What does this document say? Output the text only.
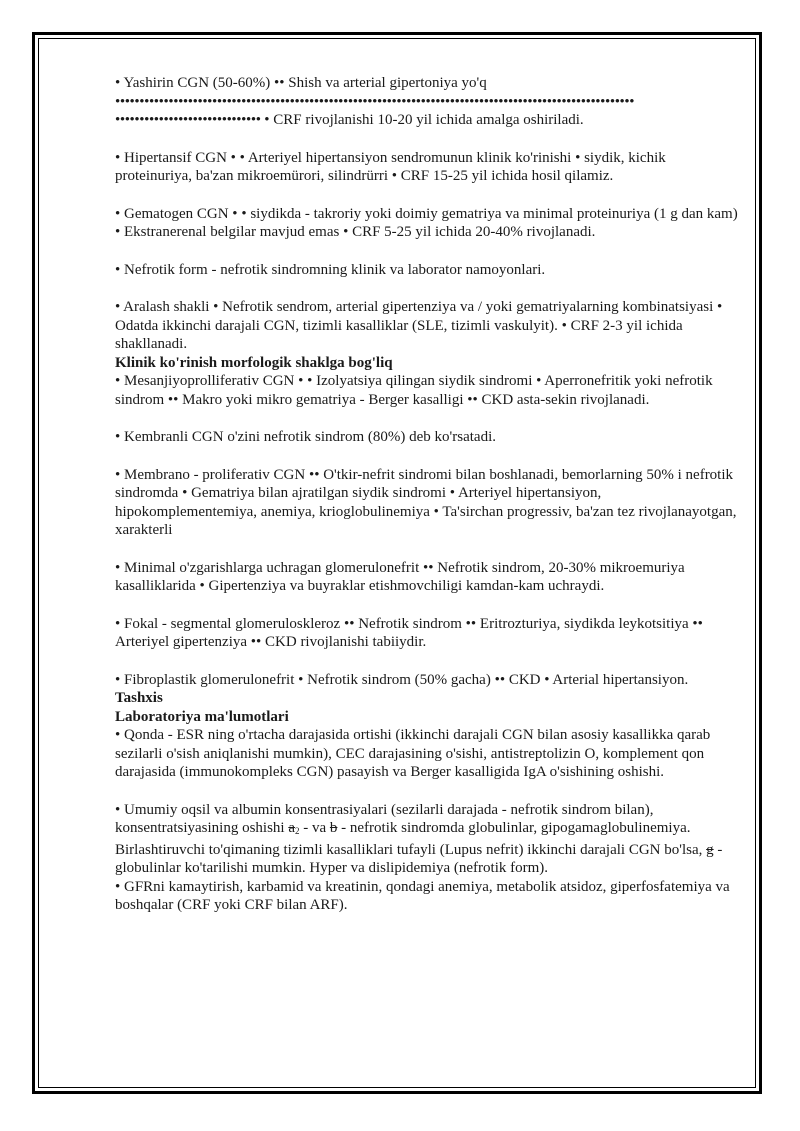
• Yashirin CGN (50-60%) •• Shish va arterial gipertoniya yo'q

•••••••••••••••••••••••••••••••••••••••••••••••••••••••••••••••••••••••••••••••••••••••••••••••••••••••••••

•••••••••••••••••••••••••••••• • CRF rivojlanishi 10-20 yil ichida amalga oshiriladi.

• Hipertansif CGN • • Arteriyel hipertansiyon sendromunun klinik ko'rinishi • siydik, kichik proteinuriya, ba'zan mikroemürori, silindrürri • CRF 15-25 yil ichida hosil qilamiz.

• Gematogen CGN • • siydikda - takroriy yoki doimiy gematriya va minimal proteinuriya (1 g dan kam) • Ekstranerenal belgilar mavjud emas • CRF 5-25 yil ichida 20-40% rivojlanadi.

• Nefrotik form - nefrotik sindromning klinik va laborator namoyonlari.

• Aralash shakli • Nefrotik sendrom, arterial gipertenziya va / yoki gematriyalarning kombinatsiyasi • Odatda ikkinchi darajali CGN, tizimli kasalliklar (SLE, tizimli vaskulyit). • CRF 2-3 yil ichida shakllanadi.

Klinik ko'rinish morfologik shaklga bog'liq

• Mesanjiyoprolliferativ CGN • • Izolyatsiya qilingan siydik sindromi • Aperronefritik yoki nefrotik sindrom •• Makro yoki mikro gematriya - Berger kasalligi •• CKD asta-sekin rivojlanadi.

• Kembranli CGN o'zini nefrotik sindrom (80%) deb ko'rsatadi.

• Membrano - proliferativ CGN •• O'tkir-nefrit sindromi bilan boshlanadi, bemorlarning 50% i nefrotik sindromda • Gematriya bilan ajratilgan siydik sindromi • Arteriyel hipertansiyon, hipokomplementemiya, anemiya, krioglobulinemiya • Ta'sirchan progressiv, ba'zan tez rivojlanayotgan, xarakterli

• Minimal o'zgarishlarga uchragan glomerulonefrit •• Nefrotik sindrom, 20-30% mikroemuriya kasalliklarida • Gipertenziya va buyraklar etishmovchiligi kamdan-kam uchraydi.

• Fokal - segmental glomeruloskleroz •• Nefrotik sindrom •• Eritrozturiya, siydikda leykotsitiya •• Arteriyel gipertenziya •• CKD rivojlanishi tabiiydir.

• Fibroplastik glomerulonefrit • Nefrotik sindrom (50% gacha) •• CKD • Arterial hipertansiyon.

Tashxis

Laboratoriya ma'lumotlari

• Qonda - ESR ning o'rtacha darajasida ortishi (ikkinchi darajali CGN bilan asosiy kasallikka qarab sezilarli o'sish aniqlanishi mumkin), CEC darajasining o'sishi, antistreptolizin O, komplement qon darajasida (immunokompleks CGN) pasayish va Berger kasalligida IgA o'sishining oshishi.

• Umumiy oqsil va albumin konsentrasiyalari (sezilarli darajada - nefrotik sindrom bilan), konsentratsiyasining oshishi $a_2$ - va b - nefrotik sindromda globulinlar, gipogamaglobulinemiya. Birlashtiruvchi to'qimaning tizimli kasalliklari tufayli (Lupus nefrit) ikkinchi darajali CGN bo'lsa, g - globulinlar ko'tarilishi mumkin. Hyper va dislipidemiya (nefrotik form).

• GFRni kamaytirish, karbamid va kreatinin, qondagi anemiya, metabolik atsidoz, giperfosfatemiya va boshqalar (CRF yoki CRF bilan ARF).
